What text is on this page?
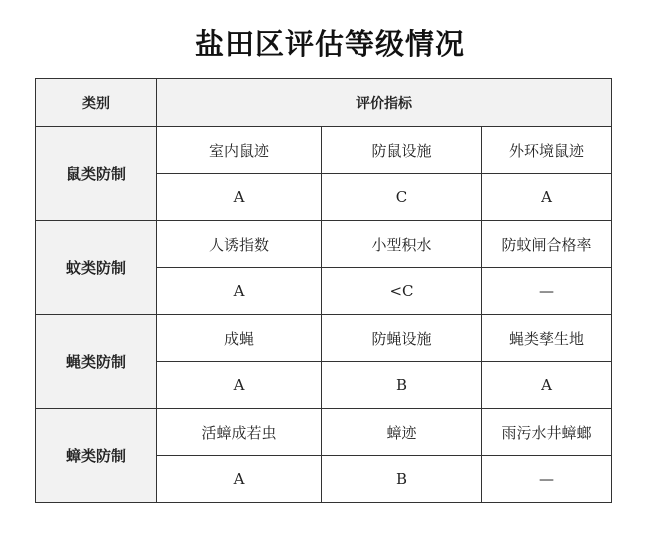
盐田区评估等级情况
类别	评价指标		
鼠类防制	室内鼠迹	防鼠设施	外环境鼠迹
	A	C	A
蚊类防制	人诱指数	小型积水	防蚊闸合格率
	A	<C	—
蝇类防制	成蝇	防蝇设施	蝇类孳生地
	A	B	A
蟑类防制	活蟑成若虫	蟑迹	雨污水井蟑螂
	A	B	—
